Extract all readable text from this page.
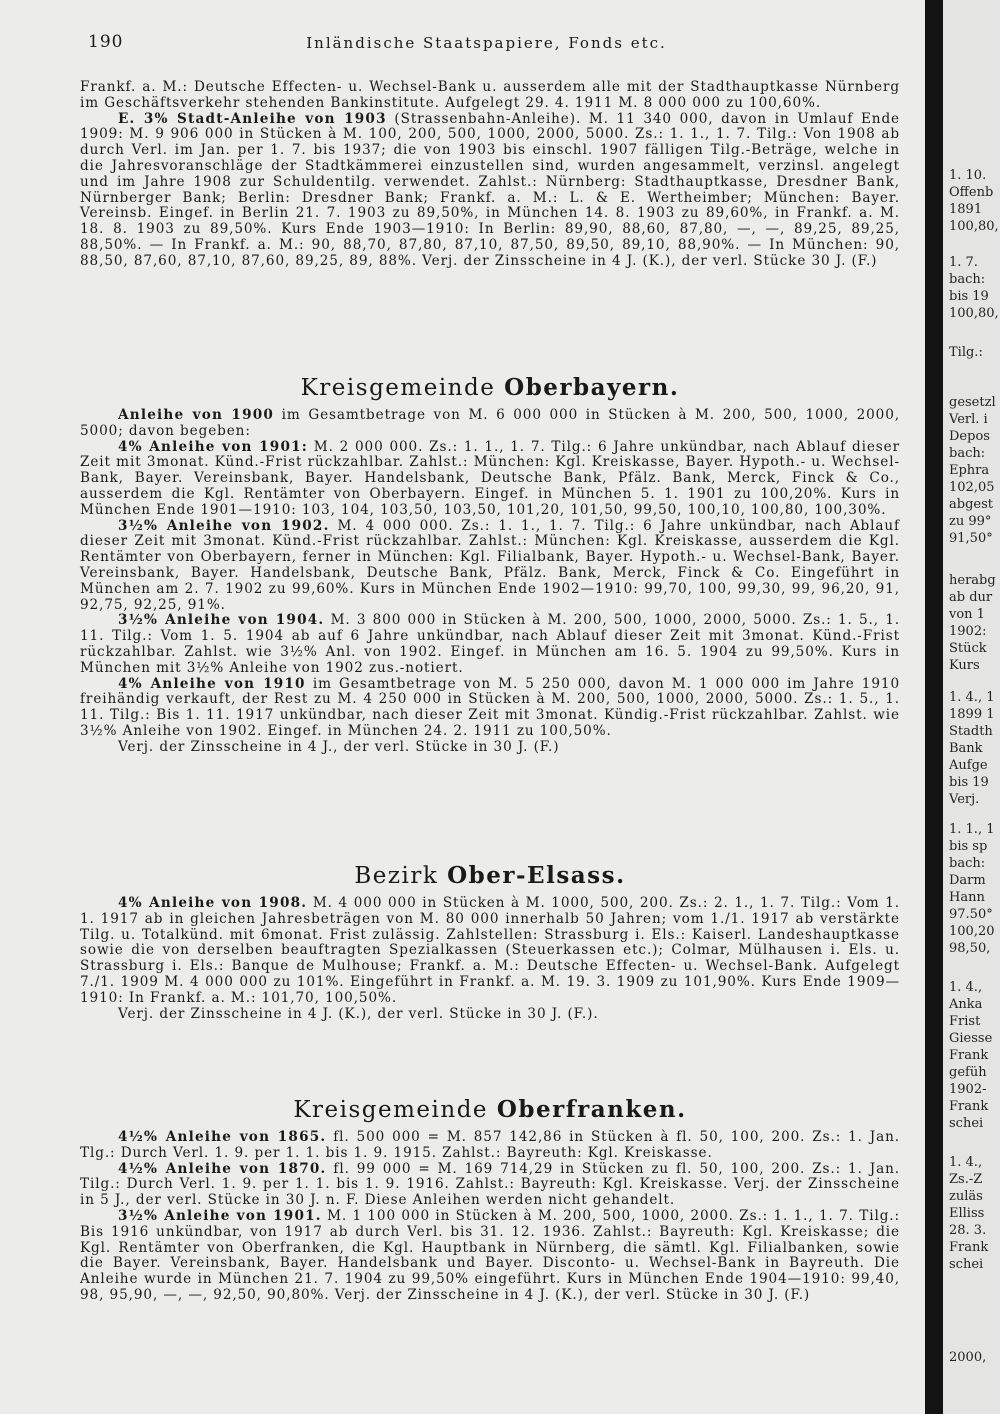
190	Inländische Staatspapiere, Fonds etc.

Frankf. a. M.: Deutsche Effecten- u. Wechsel-Bank u. ausserdem alle mit der Stadthauptkasse Nürnberg im Geschäftsverkehr stehenden Bankinstitute. Aufgelegt 29. 4. 1911 M. 8 000 000 zu 100,60%.

E. 3% Stadt-Anleihe von 1903 (Strassenbahn-Anleihe). M. 11 340 000, davon in Umlauf Ende 1909: M. 9 906 000 in Stücken à M. 100, 200, 500, 1000, 2000, 5000. Zs.: 1. 1., 1. 7. Tilg.: Von 1908 ab durch Verl. im Jan. per 1. 7. bis 1937; die von 1903 bis einschl. 1907 fälligen Tilg.-Beträge, welche in die Jahresvoranschläge der Stadtkämmerei einzustellen sind, wurden angesammelt, verzinsl. angelegt und im Jahre 1908 zur Schuldentilg. verwendet. Zahlst.: Nürnberg: Stadthauptkasse, Dresdner Bank, Nürnberger Bank; Berlin: Dresdner Bank; Frankf. a. M.: L. & E. Wertheimber; München: Bayer. Vereinsb. Eingef. in Berlin 21. 7. 1903 zu 89,50%, in München 14. 8. 1903 zu 89,60%, in Frankf. a. M. 18. 8. 1903 zu 89,50%. Kurs Ende 1903—1910: In Berlin: 89,90, 88,60, 87,80, —, —, 89,25, 89,25, 88,50%. — In Frankf. a. M.: 90, 88,70, 87,80, 87,10, 87,50, 89,50, 89,10, 88,90%. — In München: 90, 88,50, 87,60, 87,10, 87,60, 89,25, 89, 88%. Verj. der Zinsscheine in 4 J. (K.), der verl. Stücke 30 J. (F.)

Kreisgemeinde Oberbayern.

Anleihe von 1900 im Gesamtbetrage von M. 6 000 000 in Stücken à M. 200, 500, 1000, 2000, 5000; davon begeben:

4% Anleihe von 1901: M. 2 000 000. Zs.: 1. 1., 1. 7. Tilg.: 6 Jahre unkündbar, nach Ablauf dieser Zeit mit 3monat. Künd.-Frist rückzahlbar. Zahlst.: München: Kgl. Kreiskasse, Bayer. Hypoth.- u. Wechsel-Bank, Bayer. Vereinsbank, Bayer. Handelsbank, Deutsche Bank, Pfälz. Bank, Merck, Finck & Co., ausserdem die Kgl. Rentämter von Oberbayern. Eingef. in München 5. 1. 1901 zu 100,20%. Kurs in München Ende 1901—1910: 103, 104, 103,50, 103,50, 101,20, 101,50, 99,50, 100,10, 100,80, 100,30%.

3½% Anleihe von 1902. M. 4 000 000. Zs.: 1. 1., 1. 7. Tilg.: 6 Jahre unkündbar, nach Ablauf dieser Zeit mit 3monat. Künd.-Frist rückzahlbar. Zahlst.: München: Kgl. Kreiskasse, ausserdem die Kgl. Rentämter von Oberbayern, ferner in München: Kgl. Filialbank, Bayer. Hypoth.- u. Wechsel-Bank, Bayer. Vereinsbank, Bayer. Handelsbank, Deutsche Bank, Pfälz. Bank, Merck, Finck & Co. Eingeführt in München am 2. 7. 1902 zu 99,60%. Kurs in München Ende 1902—1910: 99,70, 100, 99,30, 99, 96,20, 91, 92,75, 92,25, 91%.

3½% Anleihe von 1904. M. 3 800 000 in Stücken à M. 200, 500, 1000, 2000, 5000. Zs.: 1. 5., 1. 11. Tilg.: Vom 1. 5. 1904 ab auf 6 Jahre unkündbar, nach Ablauf dieser Zeit mit 3monat. Künd.-Frist rückzahlbar. Zahlst. wie 3½% Anl. von 1902. Eingef. in München am 16. 5. 1904 zu 99,50%. Kurs in München mit 3½% Anleihe von 1902 zus.-notiert.

4% Anleihe von 1910 im Gesamtbetrage von M. 5 250 000, davon M. 1 000 000 im Jahre 1910 freihändig verkauft, der Rest zu M. 4 250 000 in Stücken à M. 200, 500, 1000, 2000, 5000. Zs.: 1. 5., 1. 11. Tilg.: Bis 1. 11. 1917 unkündbar, nach dieser Zeit mit 3monat. Kündig.-Frist rückzahlbar. Zahlst. wie 3½% Anleihe von 1902. Eingef. in München 24. 2. 1911 zu 100,50%.

Verj. der Zinsscheine in 4 J., der verl. Stücke in 30 J. (F.)

Bezirk Ober-Elsass.

4% Anleihe von 1908. M. 4 000 000 in Stücken à M. 1000, 500, 200. Zs.: 2. 1., 1. 7. Tilg.: Vom 1. 1. 1917 ab in gleichen Jahresbeträgen von M. 80 000 innerhalb 50 Jahren; vom 1./1. 1917 ab verstärkte Tilg. u. Totalkünd. mit 6monat. Frist zulässig. Zahlstellen: Strassburg i. Els.: Kaiserl. Landeshauptkasse sowie die von derselben beauftragten Spezialkassen (Steuerkassen etc.); Colmar, Mülhausen i. Els. u. Strassburg i. Els.: Banque de Mulhouse; Frankf. a. M.: Deutsche Effecten- u. Wechsel-Bank. Aufgelegt 7./1. 1909 M. 4 000 000 zu 101%. Eingeführt in Frankf. a. M. 19. 3. 1909 zu 101,90%. Kurs Ende 1909—1910: In Frankf. a. M.: 101,70, 100,50%.

Verj. der Zinsscheine in 4 J. (K.), der verl. Stücke in 30 J. (F.).

Kreisgemeinde Oberfranken.

4½% Anleihe von 1865. fl. 500 000 = M. 857 142,86 in Stücken à fl. 50, 100, 200. Zs.: 1. Jan. Tlg.: Durch Verl. 1. 9. per 1. 1. bis 1. 9. 1915. Zahlst.: Bayreuth: Kgl. Kreiskasse.

4½% Anleihe von 1870. fl. 99 000 = M. 169 714,29 in Stücken zu fl. 50, 100, 200. Zs.: 1. Jan. Tilg.: Durch Verl. 1. 9. per 1. 1. bis 1. 9. 1916. Zahlst.: Bayreuth: Kgl. Kreiskasse. Verj. der Zinsscheine in 5 J., der verl. Stücke in 30 J. n. F. Diese Anleihen werden nicht gehandelt.

3½% Anleihe von 1901. M. 1 100 000 in Stücken à M. 200, 500, 1000, 2000. Zs.: 1. 1., 1. 7. Tilg.: Bis 1916 unkündbar, von 1917 ab durch Verl. bis 31. 12. 1936. Zahlst.: Bayreuth: Kgl. Kreiskasse; die Kgl. Rentämter von Oberfranken, die Kgl. Hauptbank in Nürnberg, die sämtl. Kgl. Filialbanken, sowie die Bayer. Vereinsbank, Bayer. Handelsbank und Bayer. Disconto- u. Wechsel-Bank in Bayreuth. Die Anleihe wurde in München 21. 7. 1904 zu 99,50% eingeführt. Kurs in München Ende 1904—1910: 99,40, 98, 95,90, —, —, 92,50, 90,80%. Verj. der Zinsscheine in 4 J. (K.), der verl. Stücke in 30 J. (F.)

1. 10.
Offenb
1891
100,80,
1. 7.
bach:
bis 19
100,80,
Tilg.:
gesetzl
Verl. i
Depos
bach:
Ephra
102,05
abgest
zu 99°
91,50°
herabg
ab dur
von 1
1902:
Stück
Kurs
1. 4., 1
1899 1
Stadth
Bank
Aufge
bis 19
Verj.
1. 1., 1
bis sp
bach:
Darm
Hann
97.50°
100,20
98,50,
1. 4.,
Anka
Frist
Giesse
Frank
gefüh
1902-
Frank
schei
1. 4.,
Zs.-Z
zuläs
Elliss
28. 3.
Frank
schei
2000,
